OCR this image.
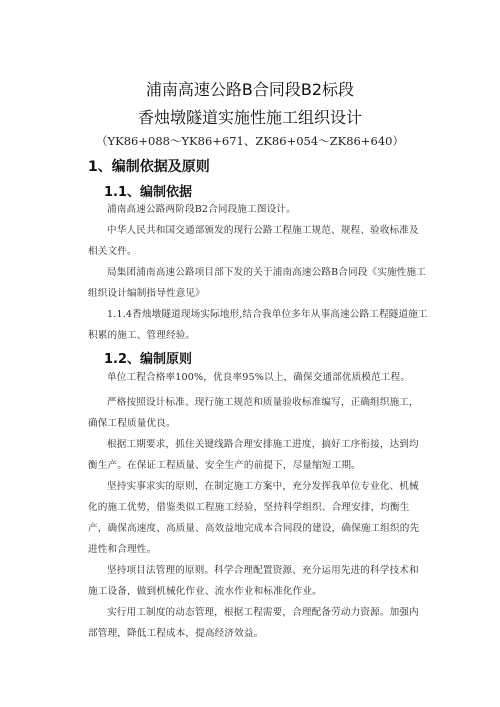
浦南高速公路B合同段B2标段
香烛墩隧道实施性施工组织设计
（YK86+088～YK86+671、ZK86+054～ZK86+640）
1、编制依据及原则
1.1、编制依据
浦南高速公路两阶段B2合同段施工图设计。
中华人民共和国交通部颁发的现行公路工程施工规范、规程、验收标准及相关文件。
局集团浦南高速公路项目部下发的关于浦南高速公路B合同段《实施性施工组织设计编制指导性意见》
1.1.4香烛墩隧道现场实际地形,结合我单位多年从事高速公路工程隧道施工积累的施工、管理经验。
1.2、编制原则
单位工程合格率100%，优良率95%以上，确保交通部优质模范工程。
严格按照设计标准、现行施工规范和质量验收标准编写，正确组织施工，确保工程质量优良。
根据工期要求，抓住关键线路合理安排施工进度，搞好工序衔接，达到均衡生产。在保证工程质量、安全生产的前提下，尽量缩短工期。
坚持实事求实的原则，在制定施工方案中，充分发挥我单位专业化、机械化的施工优势，借鉴类似工程施工经验，坚持科学组织、合理安排，均衡生产，确保高速度、高质量、高效益地完成本合同段的建设，确保施工组织的先进性和合理性。
坚持项目法管理的原则。科学合理配置资源、充分运用先进的科学技术和施工设备，做到机械化作业、流水作业和标准化作业。
实行用工制度的动态管理，根据工程需要，合理配备劳动力资源。加强内部管理，降低工程成本，提高经济效益。
